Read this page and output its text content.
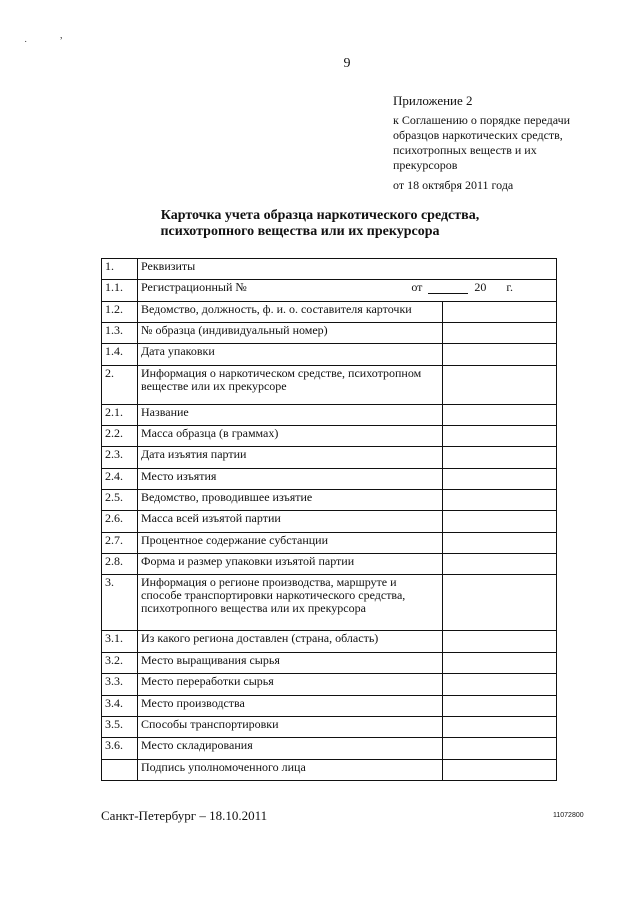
˙
,
9
Приложение 2
к Соглашению о порядке передачи
образцов наркотических средств,
психотропных веществ и их
прекурсоров
от 18 октября 2011 года
Карточка учета образца наркотического средства,
психотропного вещества или их прекурсора
1.	Реквизиты	
1.1.	Регистрационный № от 20 г.	

1.2.	Ведомство, должность, ф. и. о. составителя карточки	
1.3.	№ образца (индивидуальный номер)	
1.4.	Дата упаковки	
2.	Информация о наркотическом средстве, психотропном веществе или их прекурсоре	
2.1.	Название	
2.2.	Масса образца (в граммах)	
2.3.	Дата изъятия партии	
2.4.	Место изъятия	
2.5.	Ведомство, проводившее изъятие	
2.6.	Масса всей изъятой партии	
2.7.	Процентное содержание субстанции	
2.8.	Форма и размер упаковки изъятой партии	
3.	Информация о регионе производства, маршруте и способе транспортировки наркотического средства, психотропного вещества или их прекурсора	
3.1.	Из какого региона доставлен (страна, область)	
3.2.	Место выращивания сырья	
3.3.	Место переработки сырья	
3.4.	Место производства	
3.5.	Способы транспортировки	
3.6.	Место складирования	
	Подпись уполномоченного лица	
Санкт-Петербург – 18.10.2011	11072800
